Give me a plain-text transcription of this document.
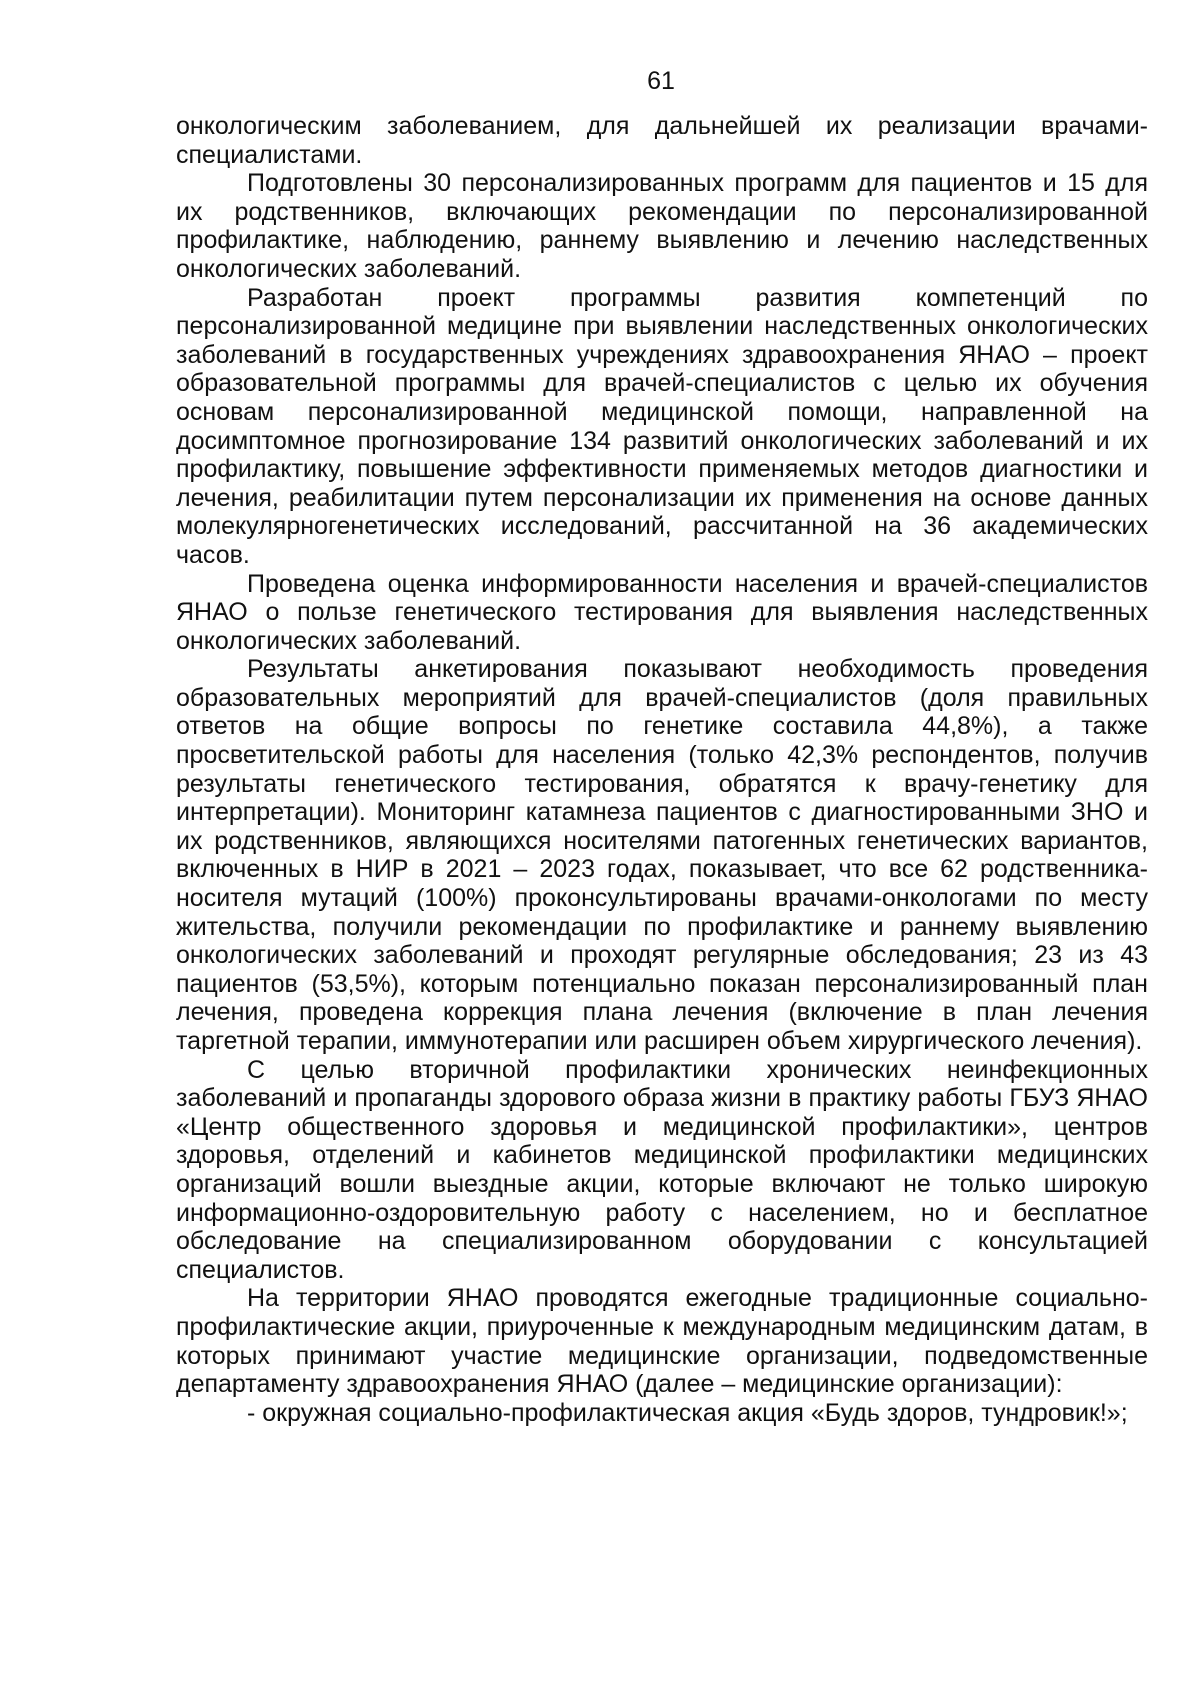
61

онкологическим заболеванием, для дальнейшей их реализации врачами-специалистами.

Подготовлены 30 персонализированных программ для пациентов и 15 для их родственников, включающих рекомендации по персонализированной профилактике, наблюдению, раннему выявлению и лечению наследственных онкологических заболеваний.

Разработан проект программы развития компетенций по персонализированной медицине при выявлении наследственных онкологических заболеваний в государственных учреждениях здравоохранения ЯНАО – проект образовательной программы для врачей-специалистов с целью их обучения основам персонализированной медицинской помощи, направленной на досимптомное прогнозирование 134 развитий онкологических заболеваний и их профилактику, повышение эффективности применяемых методов диагностики и лечения, реабилитации путем персонализации их применения на основе данных молекулярногенетических исследований, рассчитанной на 36 академических часов.

Проведена оценка информированности населения и врачей-специалистов ЯНАО о пользе генетического тестирования для выявления наследственных онкологических заболеваний.

Результаты анкетирования показывают необходимость проведения образовательных мероприятий для врачей-специалистов (доля правильных ответов на общие вопросы по генетике составила 44,8%), а также просветительской работы для населения (только 42,3% респондентов, получив результаты генетического тестирования, обратятся к врачу-генетику для интерпретации). Мониторинг катамнеза пациентов с диагностированными ЗНО и их родственников, являющихся носителями патогенных генетических вариантов, включенных в НИР в 2021 – 2023 годах, показывает, что все 62 родственника-носителя мутаций (100%) проконсультированы врачами-онкологами по месту жительства, получили рекомендации по профилактике и раннему выявлению онкологических заболеваний и проходят регулярные обследования; 23 из 43 пациентов (53,5%), которым потенциально показан персонализированный план лечения, проведена коррекция плана лечения (включение в план лечения таргетной терапии, иммунотерапии или расширен объем хирургического лечения).

С целью вторичной профилактики хронических неинфекционных заболеваний и пропаганды здорового образа жизни в практику работы ГБУЗ ЯНАО «Центр общественного здоровья и медицинской профилактики», центров здоровья, отделений и кабинетов медицинской профилактики медицинских организаций вошли выездные акции, которые включают не только широкую информационно-оздоровительную работу с населением, но и бесплатное обследование на специализированном оборудовании с консультацией специалистов.

На территории ЯНАО проводятся ежегодные традиционные социально-профилактические акции, приуроченные к международным медицинским датам, в которых принимают участие медицинские организации, подведомственные департаменту здравоохранения ЯНАО (далее – медицинские организации):

- окружная социально-профилактическая акция «Будь здоров, тундровик!»;
